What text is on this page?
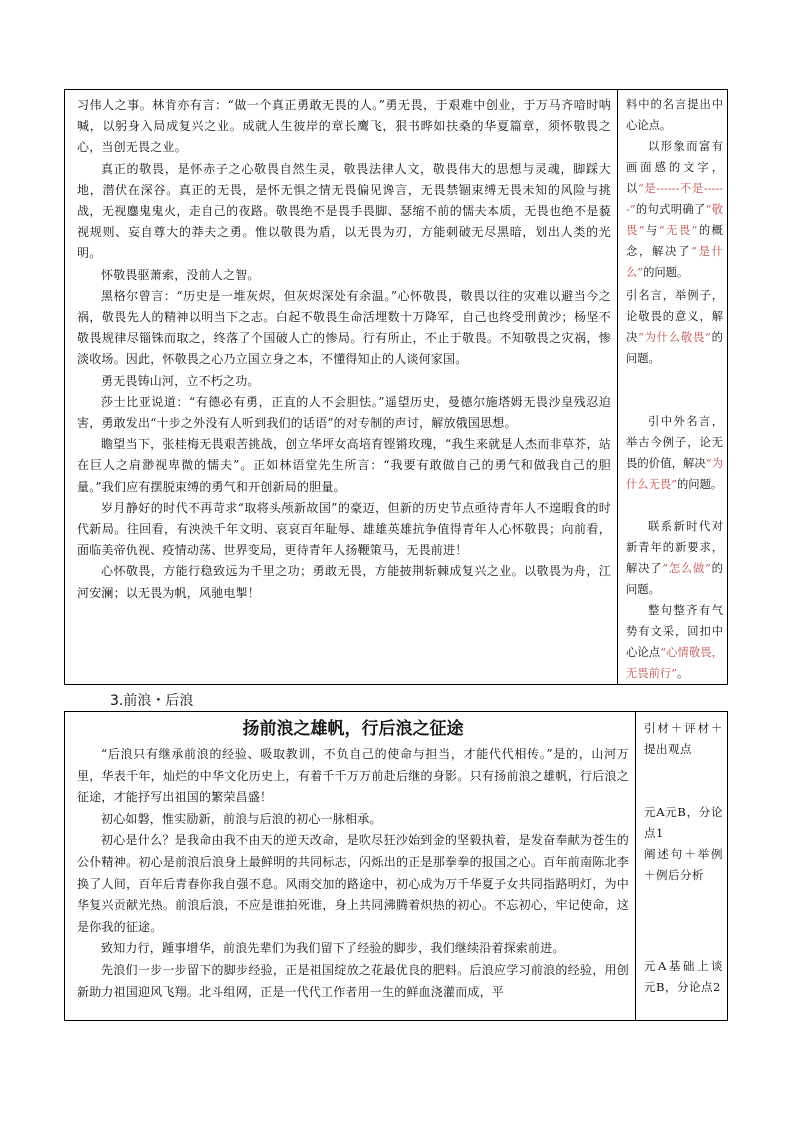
习伟人之事。林肯亦有言：“做一个真正勇敢无畏的人。”勇无畏，于艰难中创业，于万马齐喑时呐喊，以躬身入局成复兴之业。成就人生彼岸的章长鹰飞，狠书晔如扶桑的华夏篇章，须怀敬畏之心，当创无畏之业。

真正的敬畏，是怀赤子之心敬畏自然生灵，敬畏法律人文，敬畏伟大的思想与灵魂，脚踩大地，潜伏在深谷。真正的无畏，是怀无惧之情无畏偏见谗言，无畏禁锢束缚无畏未知的风险与挑战，无视鏖鬼鬼火，走自己的夜路。敬畏绝不是畏手畏脚、瑟缩不前的懦夫本质，无畏也绝不是藐视规则、妄自尊大的莽夫之勇。惟以敬畏为盾，以无畏为刃，方能刺破无尽黑暗，划出人类的光明。

怀敬畏驱萧索，没前人之智。

黑格尔曾言：“历史是一堆灰烬，但灰烬深处有余温。”心怀敬畏，敬畏以往的灾难以避当今之祸，敬畏先人的精神以明当下之志。白起不敬畏生命活埋数十万降军，自己也终受刑黄沙；杨坚不敬畏规律尽锱铢而取之，终落了个国破人亡的惨局。行有所止，不止于敬畏。不知敬畏之灾祸，惨淡收场。因此，怀敬畏之心乃立国立身之本，不懂得知止的人谈何家国。

勇无畏铸山河，立不朽之功。

莎士比亚说道：“有德必有勇，正直的人不会胆怯。”遥望历史，曼德尔施塔姆无畏沙皇残忍迫害，勇敢发出“十步之外没有人听到我们的话语”的对专制的声讨，解放俄国思想。

瞻望当下，张桂梅无畏艰苦挑战，创立华坪女高培育铿锵玫瑰，“我生来就是人杰而非草芥，站在巨人之肩渺视卑微的懦夫”。正如林语堂先生所言：“我要有敢做自己的勇气和做我自己的胆量。”我们应有摆脱束缚的勇气和开创新局的胆量。

岁月静好的时代不再苛求“取将头颅新故国”的豪迈，但新的历史节点亟待青年人不遑暇食的时代新局。往回看，有泱泱千年文明、哀哀百年耻辱、雄雄英雄抗争值得青年人心怀敬畏；向前看，面临美帝仇视、疫情动荡、世界变局，更待青年人扬鞭策马，无畏前进！

心怀敬畏，方能行稳致远为千里之功；勇敢无畏，方能披荆斩棘成复兴之业。以敬畏为舟，江河安澜；以无畏为帆，风驰电掣！

料中的名言提出中心论点。

以形象而富有画面感的文字，以“是------不是------”的句式明确了“敬畏”与“无畏”的概念，解决了“是什么”的问题。

引名言，举例子，论敬畏的意义，解决“为什么敬畏”的问题。

引中外名言，举古今例子，论无畏的价值，解决“为什么无畏”的问题。

联系新时代对新青年的新要求，解决了“怎么做”的问题。

整句整齐有气势有文采，回扣中心论点“心情敬畏，无畏前行”。

3.前浪・后浪

扬前浪之雄帆，行后浪之征途

“后浪只有继承前浪的经验、吸取教训，不负自己的使命与担当，才能代代相传。”是的，山河万里，华表千年，灿烂的中华文化历史上，有着千千万万前赴后继的身影。只有扬前浪之雄帆，行后浪之征途，才能抒写出祖国的繁荣昌盛！

初心如磐，惟实励新，前浪与后浪的初心一脉相承。

初心是什么？是我命由我不由天的逆天改命，是吹尽狂沙始到金的坚毅执着，是发奋奉献为苍生的公仆精神。初心是前浪后浪身上最鲜明的共同标志，闪烁出的正是那拳拳的报国之心。百年前南陈北李换了人间，百年后青春你我自强不息。风雨交加的路途中，初心成为万千华夏子女共同指路明灯，为中华复兴贡献光热。前浪后浪，不应是谁拍死谁，身上共同沸腾着炽热的初心。不忘初心，牢记使命，这是你我的征途。

致知力行，踵事增华，前浪先辈们为我们留下了经验的脚步，我们继续沿着探索前进。

先浪们一步一步留下的脚步经验，正是祖国绽放之花最优良的肥料。后浪应学习前浪的经验，用创新助力祖国迎风飞翔。北斗组网，正是一代代工作者用一生的鲜血浇灌而成，平

引材＋评材＋提出观点

元A元B，分论点1

阐述句＋举例＋例后分析

元A基础上谈元B，分论点2
